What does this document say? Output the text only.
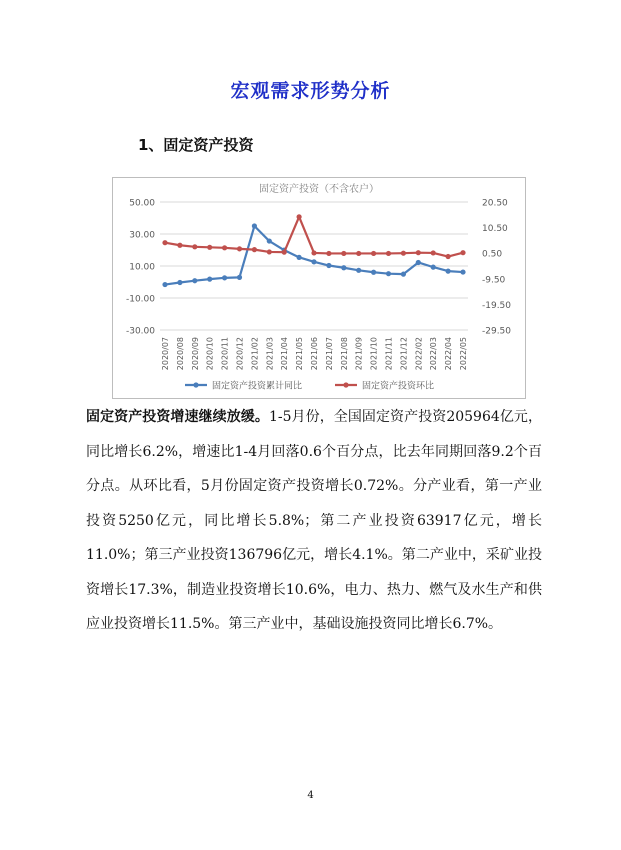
宏观需求形势分析
1、固定资产投资
固定资产投资（不含农户）
50.00
30.00
10.00
-10.00
-30.00
20.50
10.50
0.50
-9.50
-19.50
-29.50
2020/07 2020/08 2020/09 2020/10 2020/11 2020/12 2021/02 2021/03 2021/04 2021/05 2021/06 2021/07 2021/08 2021/09 2021/10 2021/11 2021/12 2022/02 2022/03 2022/04 2022/05
固定资产投资累计同比	固定资产投资环比
固定资产投资增速继续放缓。1-5月份，全国固定资产投资205964亿元，同比增长6.2%，增速比1-4月回落0.6个百分点，比去年同期回落9.2个百分点。从环比看，5月份固定资产投资增长0.72%。分产业看，第一产业投资5250亿元，同比增长5.8%；第二产业投资63917亿元，增长11.0%；第三产业投资136796亿元，增长4.1%。第二产业中，采矿业投资增长17.3%，制造业投资增长10.6%，电力、热力、燃气及水生产和供应业投资增长11.5%。第三产业中，基础设施投资同比增长6.7%。
4
